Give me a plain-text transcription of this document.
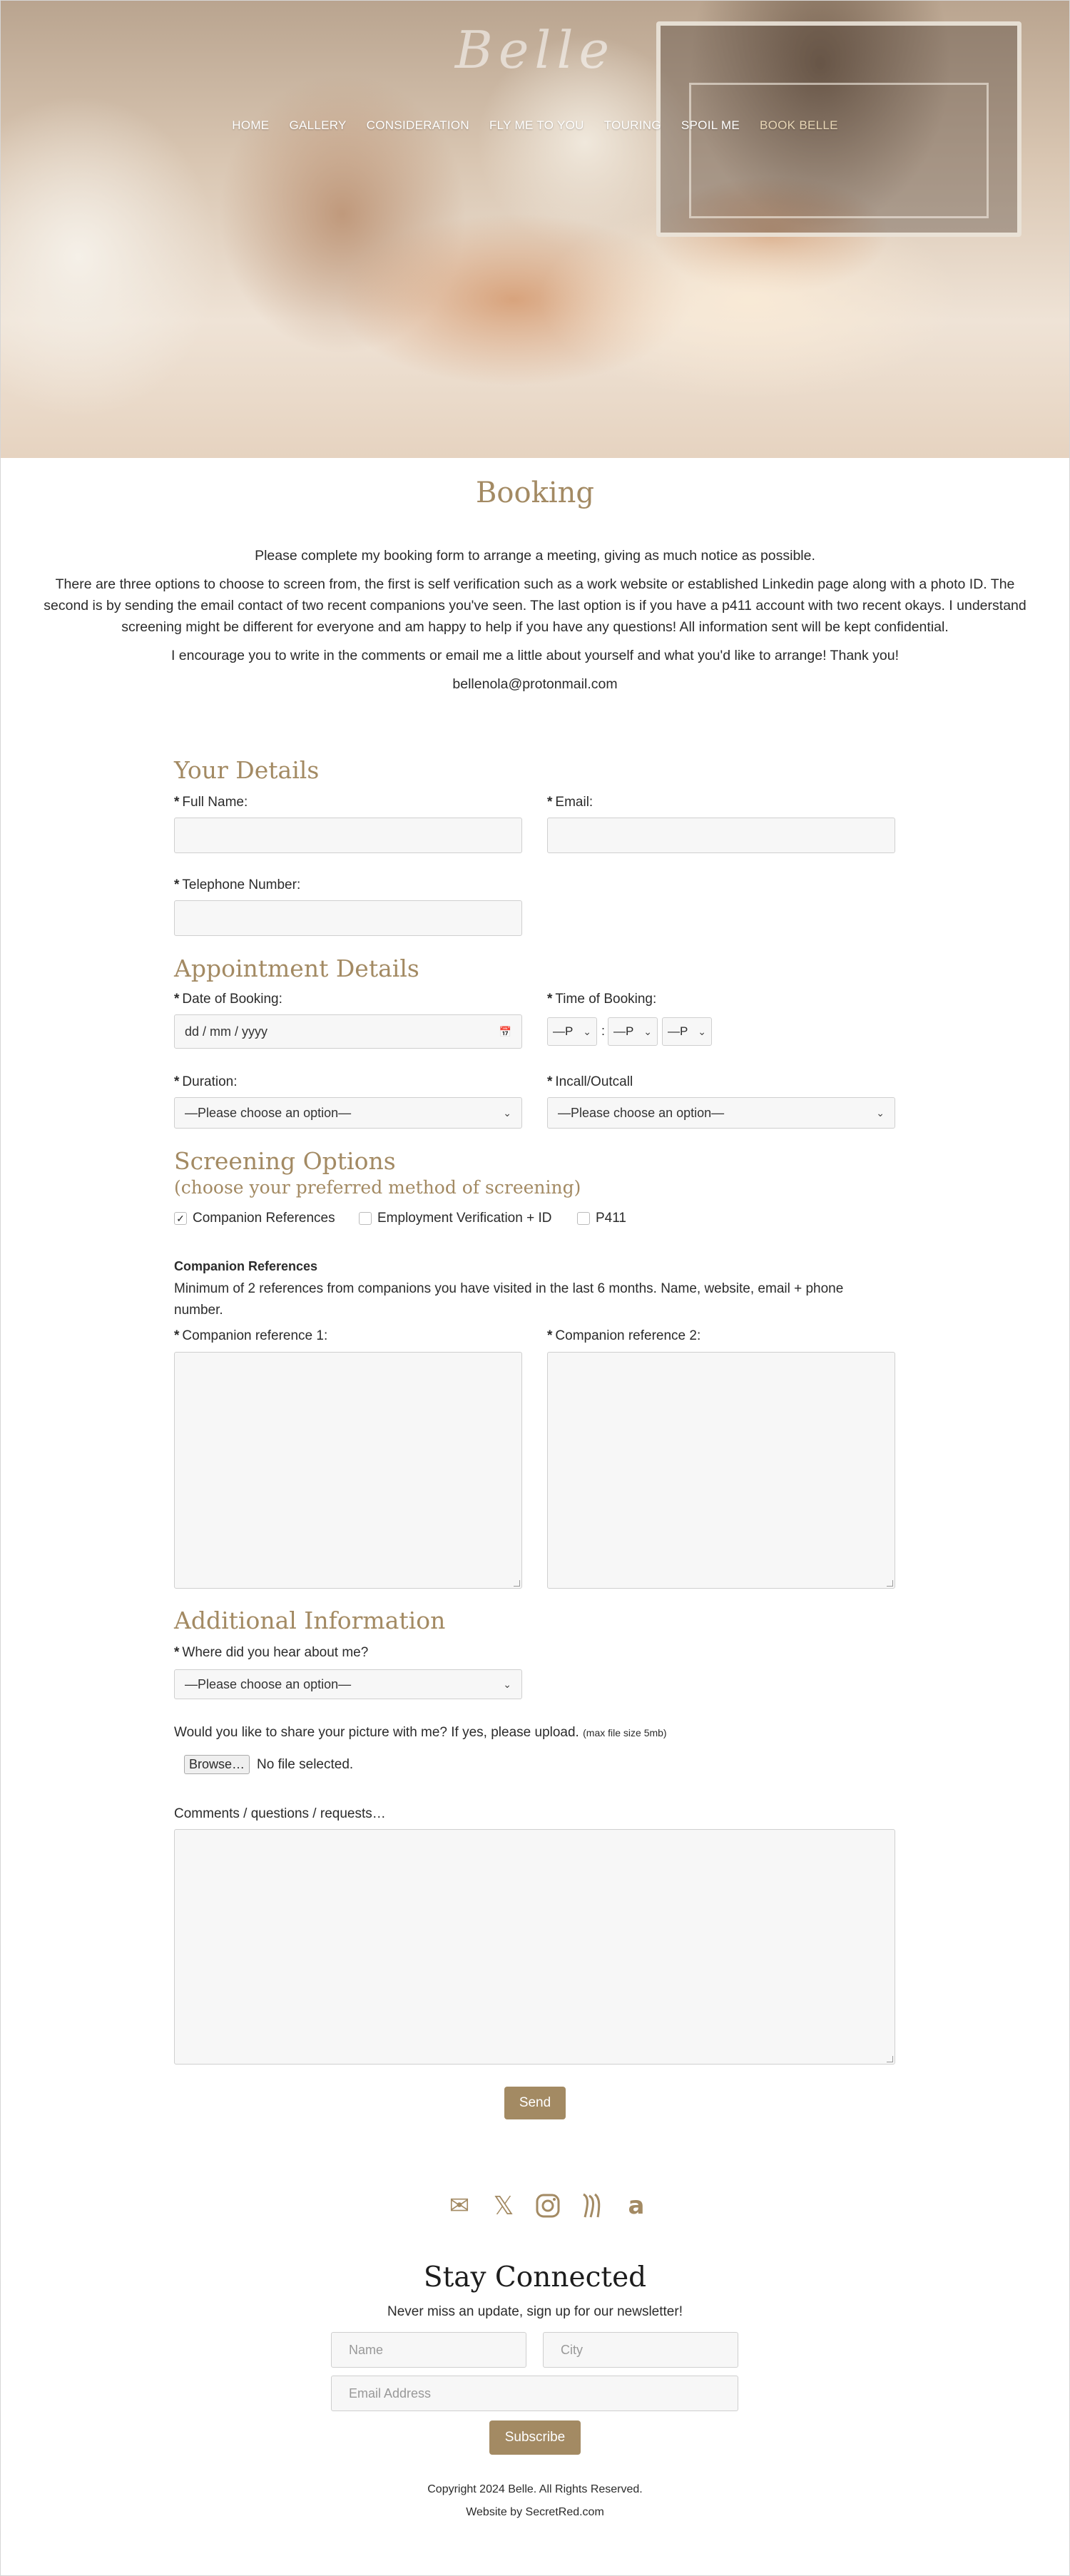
Belle
HOME GALLERY CONSIDERATION FLY ME TO YOU TOURING SPOIL ME BOOK BELLE
Booking

Please complete my booking form to arrange a meeting, giving as much notice as possible.

There are three options to choose to screen from, the first is self verification such as a work website or established Linkedin page along with a photo ID. The second is by sending the email contact of two recent companions you've seen. The last option is if you have a p411 account with two recent okays. I understand screening might be different for everyone and am happy to help if you have any questions! All information sent will be kept confidential.

I encourage you to write in the comments or email me a little about yourself and what you'd like to arrange! Thank you!

bellenola@protonmail.com

Your Details
* Full Name:	* Email:
* Telephone Number:
Appointment Details
* Date of Booking:
dd / mm / yyyy	📅
* Time of Booking:
—P ⌄ : —P ⌄ —P ⌄
* Duration:
—Please choose an option—	⌄
* Incall/Outcall
—Please choose an option—	⌄
Screening Options
(choose your preferred method of screening)
✓ Companion References	Employment Verification + ID	P411
Companion References
Minimum of 2 references from companions you have visited in the last 6 months. Name, website, email + phone number.
* Companion reference 1:	* Companion reference 2:
Additional Information
* Where did you hear about me?
—Please choose an option—	⌄
Would you like to share your picture with me? If yes, please upload. (max file size 5mb)
Browse… No file selected.
Comments / questions / requests…
Send
✉ 𝕏	a
Stay Connected
Never miss an update, sign up for our newsletter!
Name	City
Email Address
Subscribe
Copyright 2024 Belle. All Rights Reserved.
Website by SecretRed.com
